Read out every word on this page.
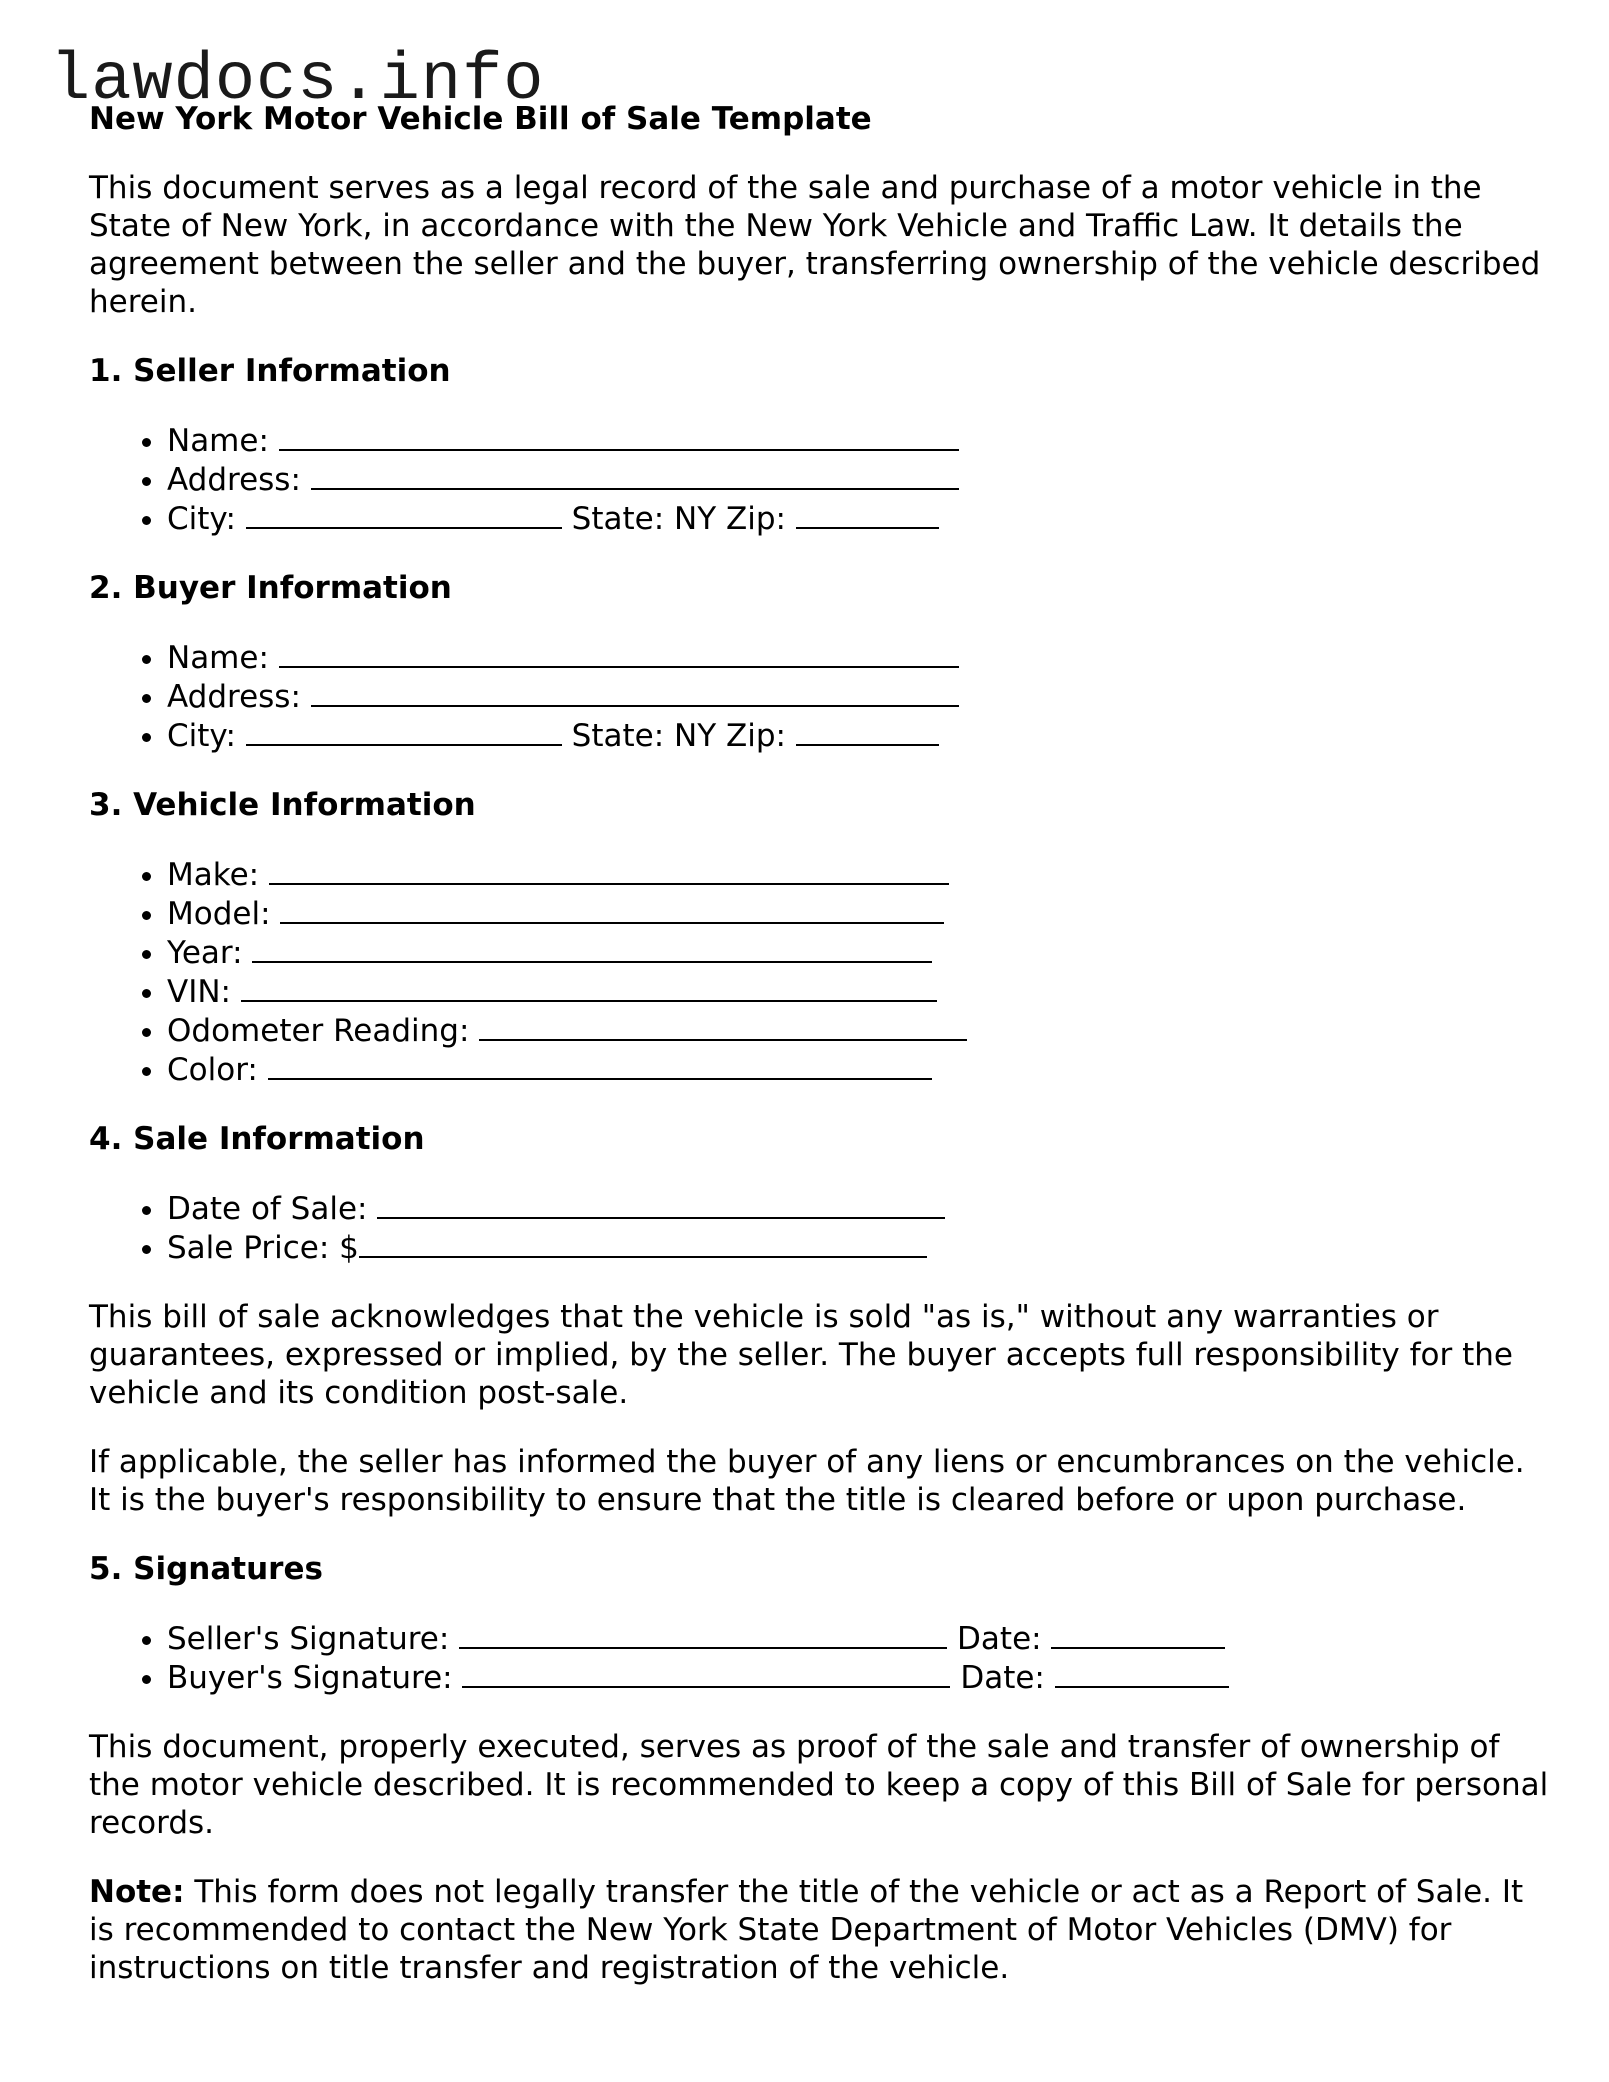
lawdocs.info
New York Motor Vehicle Bill of Sale Template

This document serves as a legal record of the sale and purchase of a motor vehicle in the State of New York, in accordance with the New York Vehicle and Traffic Law. It details the agreement between the seller and the buyer, transferring ownership of the vehicle described herein.

1. Seller Information
• Name:
• Address:
• City:	State: NY Zip:
2. Buyer Information
• Name:
• Address:
• City:	State: NY Zip:
3. Vehicle Information
• Make:
• Model:
• Year:
• VIN:
• Odometer Reading:
• Color:
4. Sale Information
• Date of Sale:
• Sale Price: $

This bill of sale acknowledges that the vehicle is sold "as is," without any warranties or guarantees, expressed or implied, by the seller. The buyer accepts full responsibility for the vehicle and its condition post-sale.

If applicable, the seller has informed the buyer of any liens or encumbrances on the vehicle. It is the buyer's responsibility to ensure that the title is cleared before or upon purchase.

5. Signatures
• Seller's Signature:	Date:
• Buyer's Signature:	Date:

This document, properly executed, serves as proof of the sale and transfer of ownership of the motor vehicle described. It is recommended to keep a copy of this Bill of Sale for personal records.

Note: This form does not legally transfer the title of the vehicle or act as a Report of Sale. It is recommended to contact the New York State Department of Motor Vehicles (DMV) for instructions on title transfer and registration of the vehicle.
